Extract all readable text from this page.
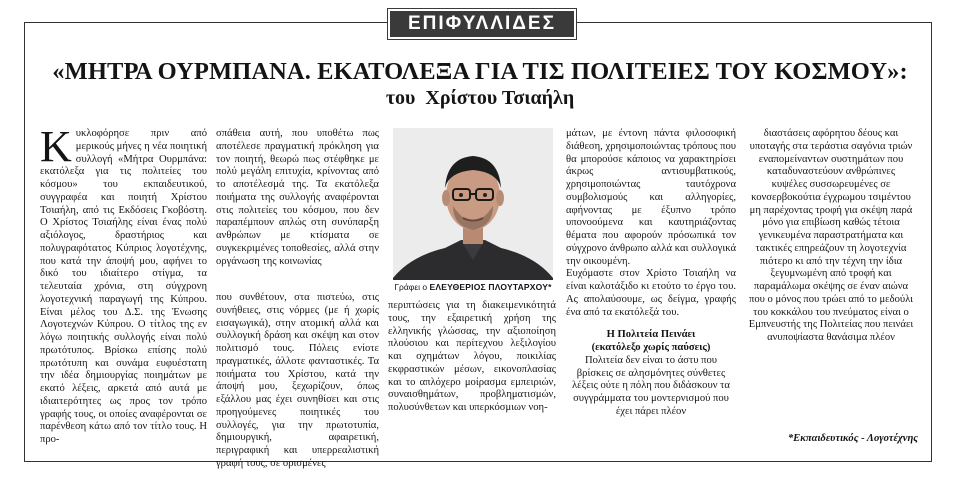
ΕΠΙΦΥΛΛΙΔΕΣ
«ΜΗΤΡΑ ΟΥΡΜΠΑΝΑ. ΕΚΑΤΟΛΕΞΑ ΓΙΑ ΤΙΣ ΠΟΛΙΤΕΙΕΣ ΤΟΥ ΚΟΣΜΟΥ»:
του  Χρίστου Τσιαήλη

Κυκλοφόρησε πριν από μερικούς μήνες η νέα ποιητική συλλογή «Μήτρα Ουρμπάνα: εκατόλεξα για τις πολιτείες του κόσμου» του εκπαιδευτικού, συγγραφέα και ποιητή Χρίστου Τσιαήλη, από τις Εκδόσεις Γκοβόστη. Ο Χρίστος Τσιαήλης είναι ένας πολύ αξιόλογος, δραστήριος και πολυγραφότατος Κύπριος λογοτέχνης, που κατά την άποψή μου, αφήνει το δικό του ιδιαίτερο στίγμα, τα τελευταία χρόνια, στη σύγχρονη λογοτεχνική παραγωγή της Κύπρου. Είναι μέλος του Δ.Σ. της Ένωσης Λογοτεχνών Κύπρου. Ο τίτλος της εν λόγω ποιητικής συλλογής είναι πολύ πρωτότυπος. Βρίσκω επίσης πολύ πρωτότυπη και συνάμα ευφυέστατη την ιδέα δημιουργίας ποιημάτων με εκατό λέξεις, αρκετά από αυτά με ιδιαιτερότητες ως προς τον τρόπο γραφής τους, οι οποίες αναφέρονται σε παρένθεση κάτω από τον τίτλο τους. Η προ-

σπάθεια αυτή, που υποθέτω πως αποτέλεσε πραγματική πρόκληση για τον ποιητή, θεωρώ πως στέφθηκε με πολύ μεγάλη επιτυχία, κρίνοντας από το αποτέλεσμά της. Τα εκατόλεξα ποιήματα της συλλογής αναφέρονται στις πολιτείες του κόσμου, που δεν παραπέμπουν απλώς στη συνύπαρξη ανθρώπων με κτίσματα σε συγκεκριμένες τοποθεσίες, αλλά στην οργάνωση της κοινωνίας

που συνθέτουν, στα πιστεύω, στις συνήθειες, στις νόρμες (με ή χωρίς εισαγωγικά), στην ατομική αλλά και συλλογική δράση και σκέψη και στον πολιτισμό τους. Πόλεις ενίοτε πραγματικές, άλλοτε φανταστικές. Τα ποιήματα του Χρίστου, κατά την άποψή μου, ξεχωρίζουν, όπως εξάλλου μας έχει συνηθίσει και στις προηγούμενες ποιητικές του συλλογές, για την πρωτοτυπία, δημιουργική, αφαιρετική, περιγραφική και υπερρεαλιστική γραφή τους, σε ορισμένες

Γράφει ο ΕΛΕΥΘΕΡΙΟΣ ΠΛΟΥΤΑΡΧΟΥ*

περιπτώσεις για τη διακειμενικότητά τους, την εξαιρετική χρήση της ελληνικής γλώσσας, την αξιοποίηση πλούσιου και περίτεχνου λεξιλογίου και σχημάτων λόγου, ποικιλίας εκφραστικών μέσων, εικονοπλασίας και το απλόχερο μοίρασμα εμπειριών, συναισθημάτων, προβληματισμών, πολυσύνθετων και υπερκόσμιων νοη-

μάτων, με έντονη πάντα φιλοσοφική διάθεση, χρησιμοποιώντας τρόπους που θα μπορούσε κάποιος να χαρακτηρίσει άκρως αντισυμβατικούς, χρησιμοποιώντας ταυτόχρονα συμβολισμούς και αλληγορίες, αφήνοντας με έξυπνο τρόπο υπονοούμενα και καυτηριάζοντας θέματα που αφορούν πρόσωπικά τον σύγχρονο άνθρωπο αλλά και συλλογικά την οικουμένη.

Ευχόμαστε στον Χρίστο Τσιαήλη να είναι καλοτάξιδο κι ετούτο το έργο του. Ας απολαύσουμε, ως δείγμα, γραφής ένα από τα εκατόλεξά του.

Η Πολιτεία Πεινάει

(εκατόλεξο χωρίς παύσεις)

Πολιτεία δεν είναι το άστυ που βρίσκεις σε αλησμόνητες σύνθετες λέξεις ούτε η πόλη που διδάσκουν τα συγγράμματα του μοντερνισμού που έχει πάρει πλέον

διαστάσεις αφόρητου δέους και υποταγής στα τεράστια σαγόνια τριών εναπομείναντων συστημάτων που καταδυναστεύουν ανθρώπινες κυψέλες συσσωρευμένες σε κονσερβοκούτια έγχρωμου τσιμέντου μη παρέχοντας τροφή για σκέψη παρά μόνο για επιβίωση καθώς τέτοια γενικευμένα παραστρατήματα και τακτικές επηρεάζουν τη λογοτεχνία πιότερο κι από την τέχνη την ίδια ξεγυμνωμένη από τροφή και παραμάλωμα σκέψης σε έναν αιώνα που ο μόνος που τρώει από το μεδούλι του κοκκάλου του πνεύματος είναι ο Εμπνευστής της Πολιτείας που πεινάει ανυποψίαστα θανάσιμα πλέον

*Εκπαιδευτικός - Λογοτέχνης
